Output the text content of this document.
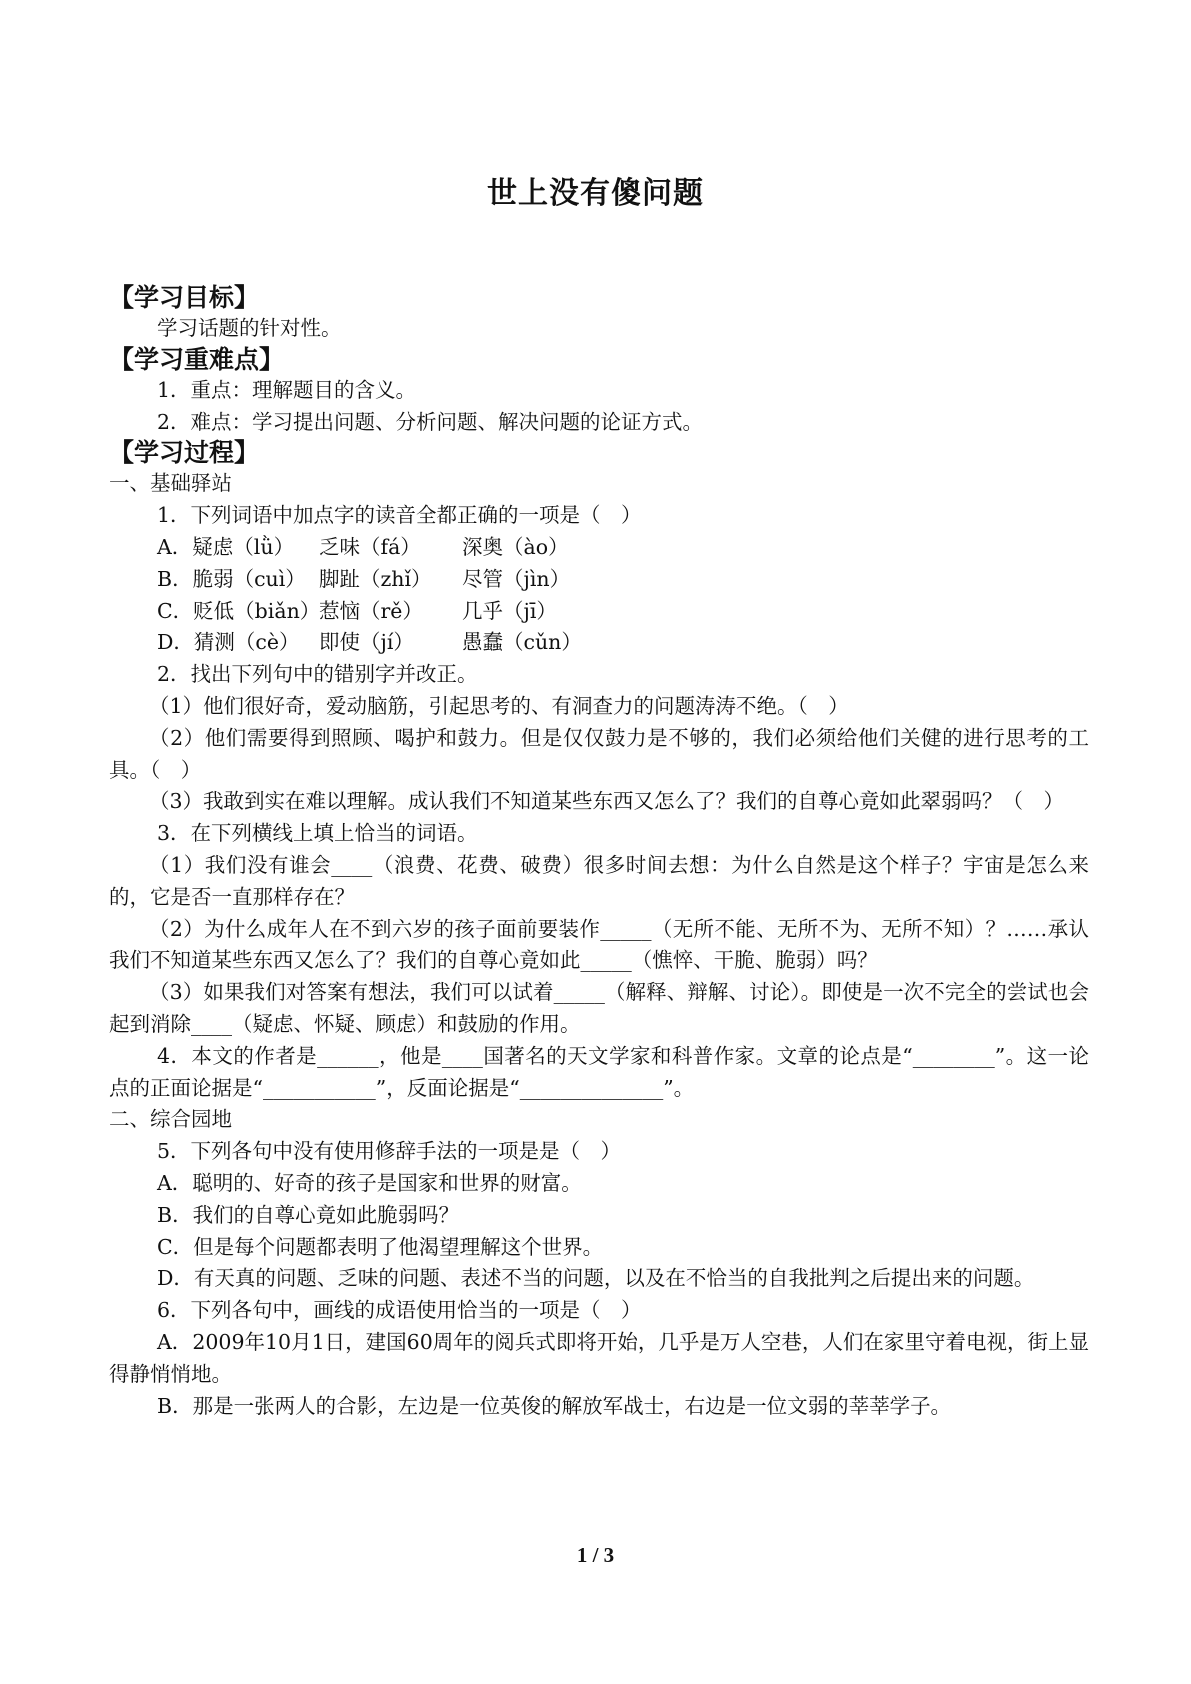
世上没有傻问题

【学习目标】

学习话题的针对性。

【学习重难点】

1．重点：理解题目的含义。

2．难点：学习提出问题、分析问题、解决问题的论证方式。

【学习过程】

一、基础驿站

1．下列词语中加点字的读音全都正确的一项是（　）

A．疑虑（lǜ） 乏味（fá） 深奥（ào）

B．脆弱（cuì） 脚趾（zhǐ） 尽管（jìn）

C．贬低（biǎn）惹恼（rě） 几乎（jī）

D．猜测（cè） 即使（jí） 愚蠢（cǔn）

2．找出下列句中的错别字并改正。

（1）他们很好奇，爱动脑筋，引起思考的、有洞查力的问题涛涛不绝。（　）

（2）他们需要得到照顾、喝护和鼓力。但是仅仅鼓力是不够的，我们必须给他们关健的进行思考的工具。（　）

（3）我敢到实在难以理解。成认我们不知道某些东西又怎么了？我们的自尊心竟如此翠弱吗？（　）

3．在下列横线上填上恰当的词语。

（1）我们没有谁会____（浪费、花费、破费）很多时间去想：为什么自然是这个样子？宇宙是怎么来的，它是否一直那样存在？

（2）为什么成年人在不到六岁的孩子面前要装作_____（无所不能、无所不为、无所不知）？……承认我们不知道某些东西又怎么了？我们的自尊心竟如此_____（憔悴、干脆、脆弱）吗？

（3）如果我们对答案有想法，我们可以试着_____（解释、辩解、讨论）。即使是一次不完全的尝试也会起到消除____（疑虑、怀疑、顾虑）和鼓励的作用。

4．本文的作者是______，他是____国著名的天文学家和科普作家。文章的论点是“________”。这一论点的正面论据是“___________”，反面论据是“______________”。

二、综合园地

5．下列各句中没有使用修辞手法的一项是是（　）

A．聪明的、好奇的孩子是国家和世界的财富。

B．我们的自尊心竟如此脆弱吗？

C．但是每个问题都表明了他渴望理解这个世界。

D．有天真的问题、乏味的问题、表述不当的问题，以及在不恰当的自我批判之后提出来的问题。

6．下列各句中，画线的成语使用恰当的一项是（　）

A．2009年10月1日，建国60周年的阅兵式即将开始，几乎是万人空巷，人们在家里守着电视，街上显得静悄悄地。

B．那是一张两人的合影，左边是一位英俊的解放军战士，右边是一位文弱的莘莘学子。

1 / 3
